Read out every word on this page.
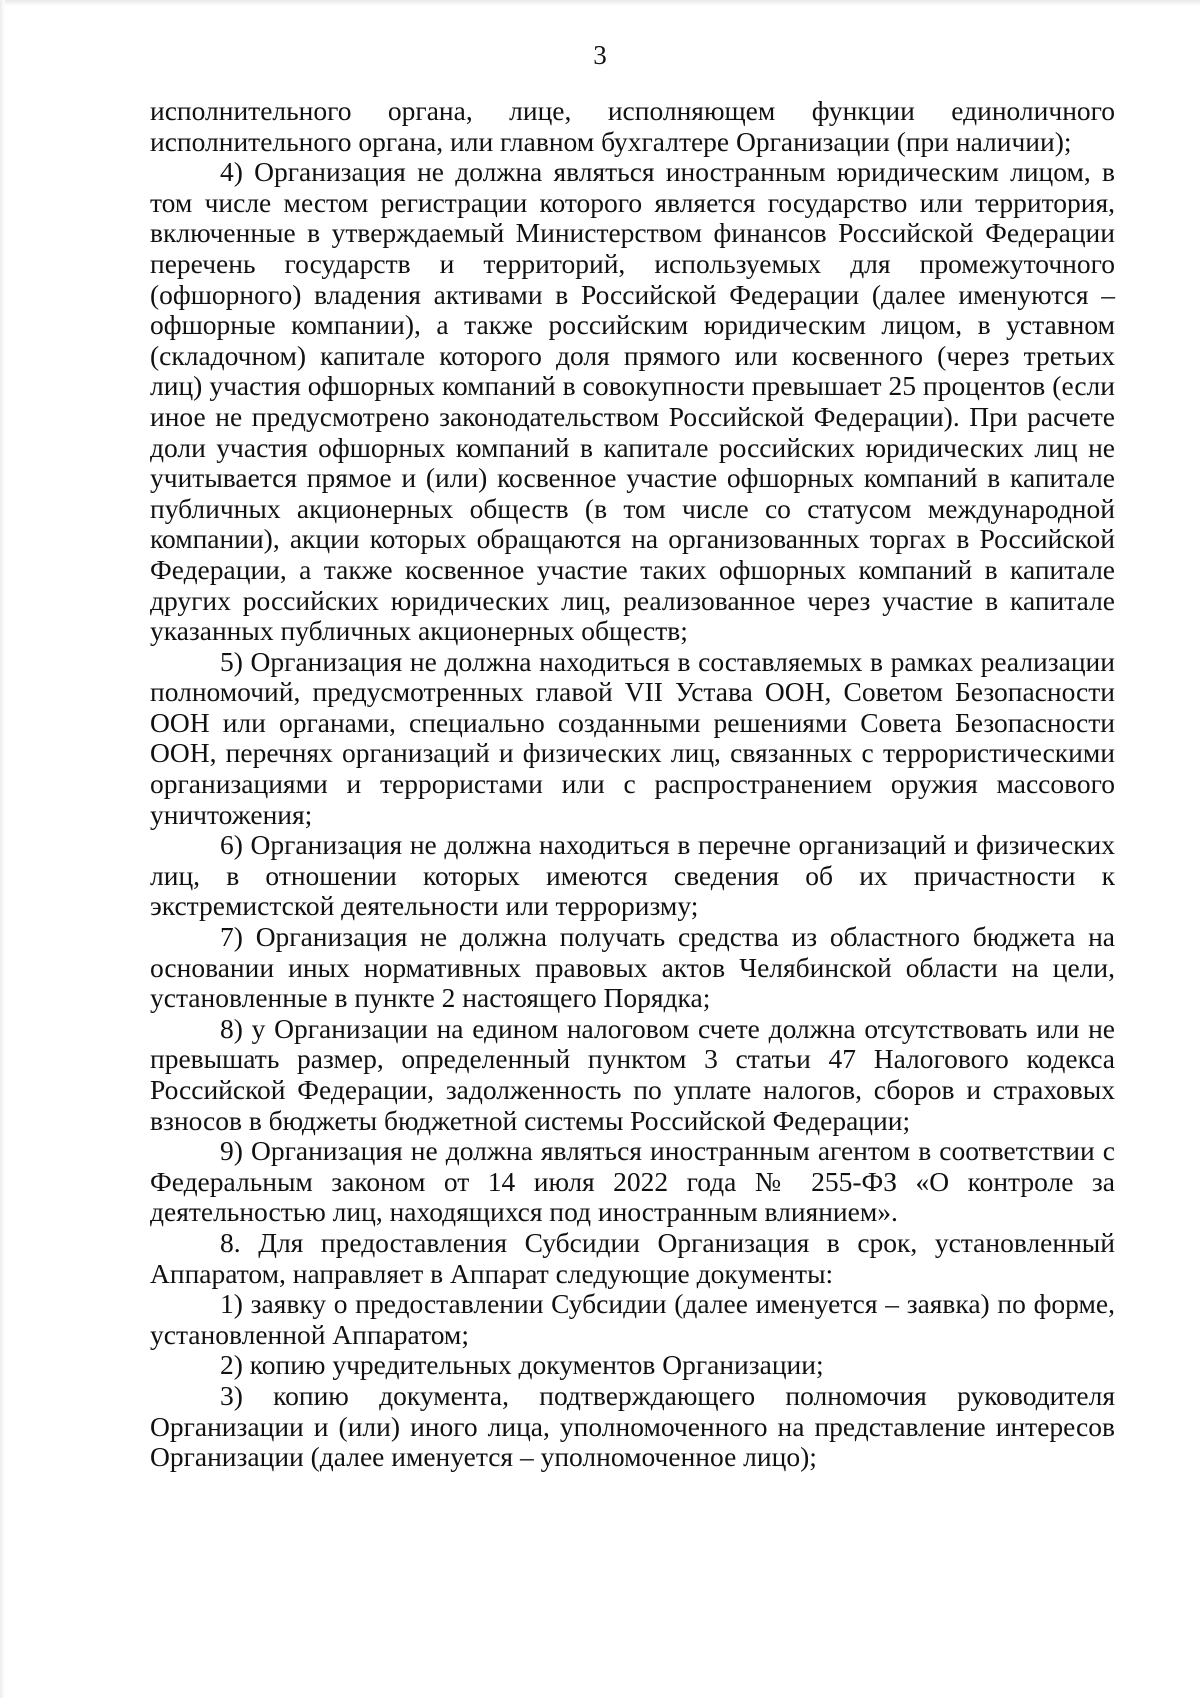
3

исполнительного органа, лице, исполняющем функции единоличного исполнительного органа, или главном бухгалтере Организации (при наличии);

4) Организация не должна являться иностранным юридическим лицом, в том числе местом регистрации которого является государство или территория, включенные в утверждаемый Министерством финансов Российской Федерации перечень государств и территорий, используемых для промежуточного (офшорного) владения активами в Российской Федерации (далее именуются – офшорные компании), а также российским юридическим лицом, в уставном (складочном) капитале которого доля прямого или косвенного (через третьих лиц) участия офшорных компаний в совокупности превышает 25 процентов (если иное не предусмотрено законодательством Российской Федерации). При расчете доли участия офшорных компаний в капитале российских юридических лиц не учитывается прямое и (или) косвенное участие офшорных компаний в капитале публичных акционерных обществ (в том числе со статусом международной компании), акции которых обращаются на организованных торгах в Российской Федерации, а также косвенное участие таких офшорных компаний в капитале других российских юридических лиц, реализованное через участие в капитале указанных публичных акционерных обществ;

5) Организация не должна находиться в составляемых в рамках реализации полномочий, предусмотренных главой VII Устава ООН, Советом Безопасности ООН или органами, специально созданными решениями Совета Безопасности ООН, перечнях организаций и физических лиц, связанных с террористическими организациями и террористами или с распространением оружия массового уничтожения;

6) Организация не должна находиться в перечне организаций и физических лиц, в отношении которых имеются сведения об их причастности к экстремистской деятельности или терроризму;

7) Организация не должна получать средства из областного бюджета на основании иных нормативных правовых актов Челябинской области на цели, установленные в пункте 2 настоящего Порядка;

8) у Организации на едином налоговом счете должна отсутствовать или не превышать размер, определенный пунктом 3 статьи 47 Налогового кодекса Российской Федерации, задолженность по уплате налогов, сборов и страховых взносов в бюджеты бюджетной системы Российской Федерации;

9) Организация не должна являться иностранным агентом в соответствии с Федеральным законом от 14 июля 2022 года № 255-ФЗ «О контроле за деятельностью лиц, находящихся под иностранным влиянием».

8. Для предоставления Субсидии Организация в срок, установленный Аппаратом, направляет в Аппарат следующие документы:

1) заявку о предоставлении Субсидии (далее именуется – заявка) по форме, установленной Аппаратом;

2) копию учредительных документов Организации;

3) копию документа, подтверждающего полномочия руководителя Организации и (или) иного лица, уполномоченного на представление интересов Организации (далее именуется – уполномоченное лицо);
